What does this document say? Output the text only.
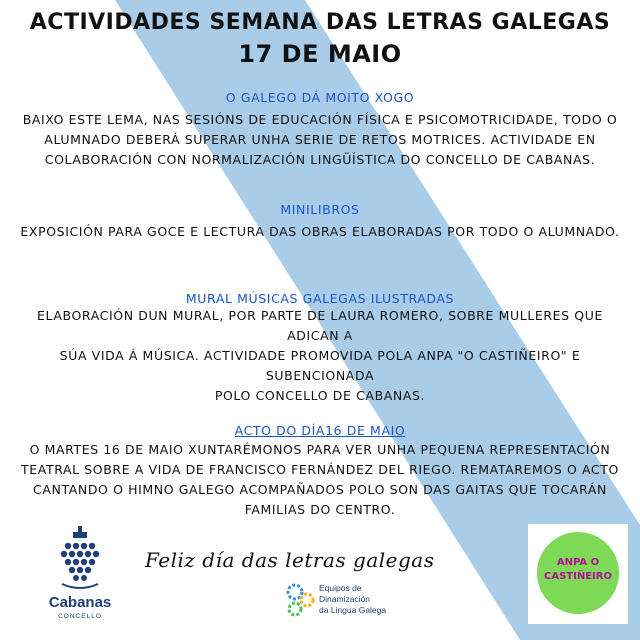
ACTIVIDADES SEMANA DAS LETRAS GALEGAS
17 DE MAIO
O GALEGO DÁ MOITO XOGO
BAIXO ESTE LEMA, NAS SESIÓNS DE EDUCACIÓN FÍSICA E PSICOMOTRICIDADE, TODO O
ALUMNADO DEBERÁ SUPERAR UNHA SERIE DE RETOS MOTRICES. ACTIVIDADE EN
COLABORACIÓN CON NORMALIZACIÓN LINGÜÍSTICA DO CONCELLO DE CABANAS.
MINILIBROS
EXPOSICIÓN PARA GOCE E LECTURA DAS OBRAS ELABORADAS POR TODO O ALUMNADO.
MURAL MÚSICAS GALEGAS ILUSTRADAS
ELABORACIÓN DUN MURAL, POR PARTE DE LAURA ROMERO, SOBRE MULLERES QUE ADICAN A
SÚA VIDA Á MÚSICA. ACTIVIDADE PROMOVIDA POLA ANPA "O CASTIÑEIRO" E SUBENCIONADA
POLO CONCELLO DE CABANAS.
ACTO DO DÍA16 DE MAIO
O MARTES 16 DE MAIO XUNTARÉMONOS PARA VER UNHA PEQUENA REPRESENTACIÓN
TEATRAL SOBRE A VIDA DE FRANCISCO FERNÁNDEZ DEL RIEGO. REMATAREMOS O ACTO
CANTANDO O HIMNO GALEGO ACOMPAÑADOS POLO SON DAS GAITAS QUE TOCARÁN
FAMILIAS DO CENTRO.
Cabanas
CONCELLO
Feliz día das letras galegas
Equipos de
Dinamización
da Lingua Galega
ANPA O
CASTIÑEIRO
